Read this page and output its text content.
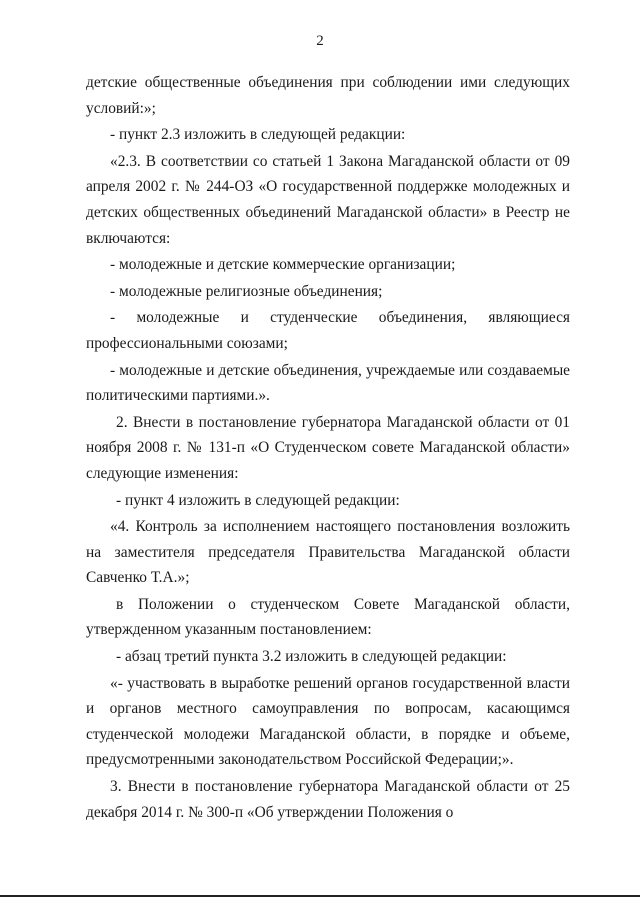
2

детские общественные объединения при соблюдении ими следующих условий:»;

- пункт 2.3 изложить в следующей редакции:

«2.3. В соответствии со статьей 1 Закона Магаданской области от 09 апреля 2002 г. № 244-ОЗ «О государственной поддержке молодежных и детских общественных объединений Магаданской области» в Реестр не включаются:

- молодежные и детские коммерческие организации;

- молодежные религиозные объединения;

- молодежные и студенческие объединения, являющиеся профессиональными союзами;

- молодежные и детские объединения, учреждаемые или создаваемые политическими партиями.».

2. Внести в постановление губернатора Магаданской области от 01 ноября 2008 г. № 131-п «О Студенческом совете Магаданской области» следующие изменения:

- пункт 4 изложить в следующей редакции:

«4. Контроль за исполнением настоящего постановления возложить на заместителя председателя Правительства Магаданской области Савченко Т.А.»;

в Положении о студенческом Совете Магаданской области, утвержденном указанным постановлением:

- абзац третий пункта 3.2 изложить в следующей редакции:

«- участвовать в выработке решений органов государственной власти и органов местного самоуправления по вопросам, касающимся студенческой молодежи Магаданской области, в порядке и объеме, предусмотренными законодательством Российской Федерации;».

3. Внести в постановление губернатора Магаданской области от 25 декабря 2014 г. № 300-п «Об утверждении Положения о
